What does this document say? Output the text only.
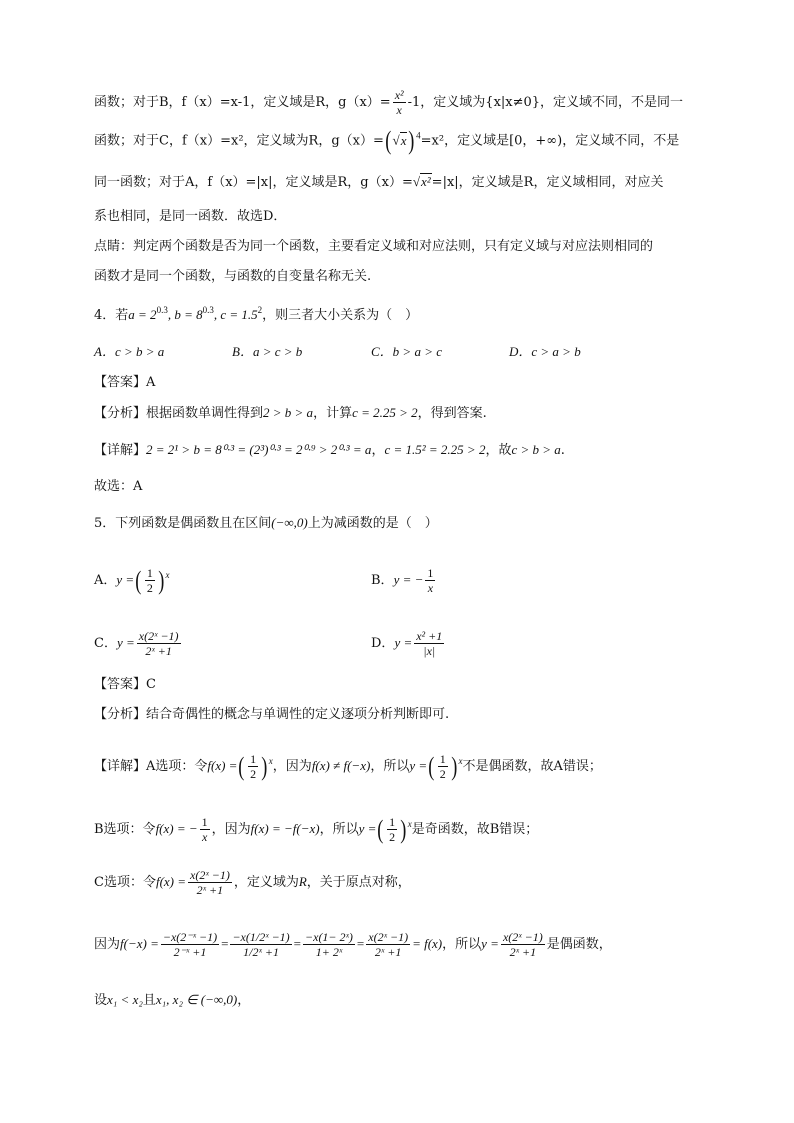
函数；对于B，f（x）=x-1，定义域是R，$g(x)= \frac{\text{x²}}{x} -1$，定义域为{x|x≠0}，定义域不同，不是同一
函数；对于C，f（x）=x²，定义域为R，$g(x)=(√x)^4=x^2$，定义域是[0，+∞)，定义域不同，不是
同一函数；对于A，f（x）=|x|，定义域是R，g（x）=√x²=|x|，定义域是R，定义域相同，对应关
系也相同，是同一函数．故选D．
点睛：判定两个函数是否为同一个函数，主要看定义域和对应法则，只有定义域与对应法则相同的
函数才是同一个函数，与函数的自变量名称无关.
4．若$a = 2^{0.3}$, $b = 8^{0.3}$, $c = 1.5^2$，则三者大小关系为（　）
A．c > b > a	B．a > c > b	C．b > a > c	D．c > a > b
【答案】A
【分析】根据函数单调性得到2 > b > a，计算c = 2.25 > 2，得到答案.
【详解】2 = 2¹ > b = 8⁰·³ = (2³)⁰·³ = 2⁰·⁹ > 2⁰·³ = a，c = 1.5² = 2.25 > 2，故c > b > a.
故选：A
5．下列函数是偶函数且在区间(−∞,0)上为减函数的是（　）
A．y =( $\frac{1}{2} )^x$	B．y = − $\frac{1}{x}$
C．$y = \frac{\text{x(2ˣ −1)}}{\text{2ˣ +1}}$	D．$y = \frac{\text{x² +1}}{|x|}$
【答案】C
【分析】结合奇偶性的概念与单调性的定义逐项分析判断即可.
【详解】A选项：令f(x) =( $\frac{1}{2} )^x$，因为f(x) ≠ f(−x)，所以y =( $\frac{1}{2} )^x$不是偶函数，故A错误；
B选项：令f(x) = − $\frac{1}{x}$ ，因为f(x) = −f(−x)，所以y =( $\frac{1}{2} )^x$是奇函数，故B错误；
C选项：令$f(x) = \frac{\text{x(2ˣ −1)}}{\text{2ˣ +1}}$ ，定义域为R，关于原点对称，
因为$f(-x) = \frac{\text{−x(2⁻ˣ −1)}}{\text{2⁻ˣ +1}} = \frac{\text{−x(1/2ˣ −1)}}{\text{1/2ˣ +1}} = \frac{\text{−x(1− 2ˣ)}}{\text{1+ 2ˣ}} = \frac{\text{x(2ˣ −1)}}{\text{2ˣ +1}} = f(x)$，所以$y = \frac{\text{x(2ˣ −1)}}{\text{2ˣ +1}}$ 是偶函数，
设x₁ < x₂且x₁, x₂ ∈ (−∞,0)，
